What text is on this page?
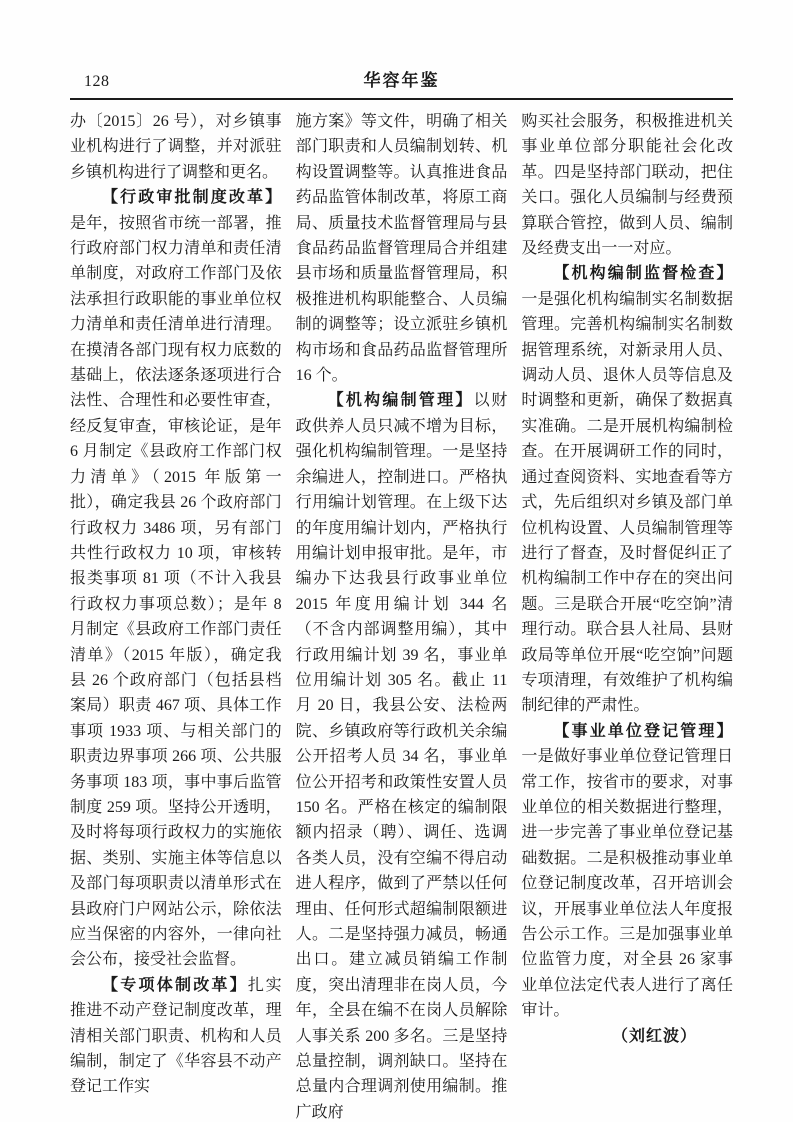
128	华容年鉴

办〔2015〕26 号），对乡镇事业机构进行了调整，并对派驻乡镇机构进行了调整和更名。

【行政审批制度改革】是年，按照省市统一部署，推行政府部门权力清单和责任清单制度，对政府工作部门及依法承担行政职能的事业单位权力清单和责任清单进行清理。在摸清各部门现有权力底数的基础上，依法逐条逐项进行合法性、合理性和必要性审查，经反复审查，审核论证，是年 6 月制定《县政府工作部门权力清单》（2015 年版第一批），确定我县 26 个政府部门行政权力 3486 项，另有部门共性行政权力 10 项，审核转报类事项 81 项（不计入我县行政权力事项总数）；是年 8 月制定《县政府工作部门责任清单》（2015 年版），确定我县 26 个政府部门（包括县档案局）职责 467 项、具体工作事项 1933 项、与相关部门的职责边界事项 266 项、公共服务事项 183 项，事中事后监管制度 259 项。坚持公开透明，及时将每项行政权力的实施依据、类别、实施主体等信息以及部门每项职责以清单形式在县政府门户网站公示，除依法应当保密的内容外，一律向社会公布，接受社会监督。

【专项体制改革】扎实推进不动产登记制度改革，理清相关部门职责、机构和人员编制，制定了《华容县不动产登记工作实

施方案》等文件，明确了相关部门职责和人员编制划转、机构设置调整等。认真推进食品药品监管体制改革，将原工商局、质量技术监督管理局与县食品药品监督管理局合并组建县市场和质量监督管理局，积极推进机构职能整合、人员编制的调整等；设立派驻乡镇机构市场和食品药品监督管理所 16 个。

【机构编制管理】以财政供养人员只减不增为目标，强化机构编制管理。一是坚持余编进人，控制进口。严格执行用编计划管理。在上级下达的年度用编计划内，严格执行用编计划申报审批。是年，市编办下达我县行政事业单位 2015 年度用编计划 344 名（不含内部调整用编），其中行政用编计划 39 名，事业单位用编计划 305 名。截止 11 月 20 日，我县公安、法检两院、乡镇政府等行政机关余编公开招考人员 34 名，事业单位公开招考和政策性安置人员 150 名。严格在核定的编制限额内招录（聘）、调任、选调各类人员，没有空编不得启动进人程序，做到了严禁以任何理由、任何形式超编制限额进人。二是坚持强力减员，畅通出口。建立减员销编工作制度，突出清理非在岗人员，今年，全县在编不在岗人员解除人事关系 200 多名。三是坚持总量控制，调剂缺口。坚持在总量内合理调剂使用编制。推广政府

购买社会服务，积极推进机关事业单位部分职能社会化改革。四是坚持部门联动，把住关口。强化人员编制与经费预算联合管控，做到人员、编制及经费支出一一对应。

【机构编制监督检查】一是强化机构编制实名制数据管理。完善机构编制实名制数据管理系统，对新录用人员、调动人员、退休人员等信息及时调整和更新，确保了数据真实准确。二是开展机构编制检查。在开展调研工作的同时，通过查阅资料、实地查看等方式，先后组织对乡镇及部门单位机构设置、人员编制管理等进行了督查，及时督促纠正了机构编制工作中存在的突出问题。三是联合开展“吃空饷”清理行动。联合县人社局、县财政局等单位开展“吃空饷”问题专项清理，有效维护了机构编制纪律的严肃性。

【事业单位登记管理】一是做好事业单位登记管理日常工作，按省市的要求，对事业单位的相关数据进行整理，进一步完善了事业单位登记基础数据。二是积极推动事业单位登记制度改革，召开培训会议，开展事业单位法人年度报告公示工作。三是加强事业单位监管力度，对全县 26 家事业单位法定代表人进行了离任审计。

（刘红波）
